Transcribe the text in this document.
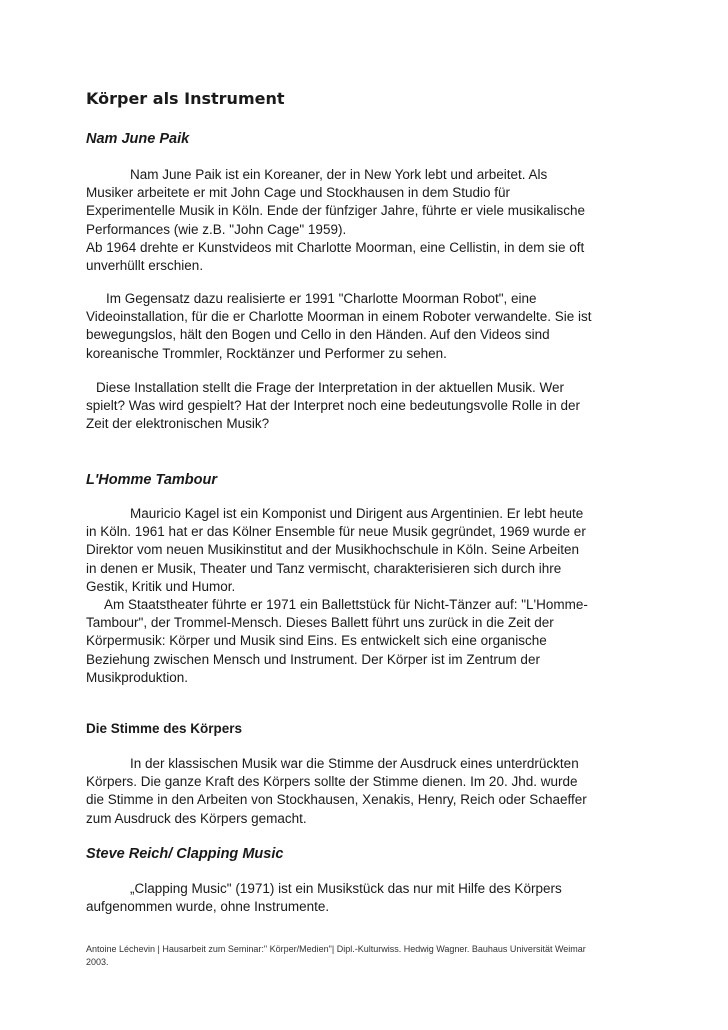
Körper als Instrument
Nam June Paik

Nam June Paik ist ein Koreaner, der in New York lebt und arbeitet. Als
Musiker arbeitete er mit John Cage und Stockhausen in dem Studio für
Experimentelle Musik in Köln. Ende der fünfziger Jahre, führte er viele musikalische
Performances (wie z.B. "John Cage" 1959).
Ab 1964 drehte er Kunstvideos mit Charlotte Moorman, eine Cellistin, in dem sie oft
unverhüllt erschien.

Im Gegensatz dazu realisierte er 1991 "Charlotte Moorman Robot", eine
Videoinstallation, für die er Charlotte Moorman in einem Roboter verwandelte. Sie ist
bewegungslos, hält den Bogen und Cello in den Händen. Auf den Videos sind
koreanische Trommler, Rocktänzer und Performer zu sehen.

Diese Installation stellt die Frage der Interpretation in der aktuellen Musik. Wer
spielt? Was wird gespielt? Hat der Interpret noch eine bedeutungsvolle Rolle in der
Zeit der elektronischen Musik?

L'Homme Tambour

Mauricio Kagel ist ein Komponist und Dirigent aus Argentinien. Er lebt heute
in Köln. 1961 hat er das Kölner Ensemble für neue Musik gegründet, 1969 wurde er
Direktor vom neuen Musikinstitut and der Musikhochschule in Köln. Seine Arbeiten
in denen er Musik, Theater und Tanz vermischt, charakterisieren sich durch ihre
Gestik, Kritik und Humor.
Am Staatstheater führte er 1971 ein Ballettstück für Nicht-Tänzer auf: "L'Homme-
Tambour", der Trommel-Mensch. Dieses Ballett führt uns zurück in die Zeit der
Körpermusik: Körper und Musik sind Eins. Es entwickelt sich eine organische
Beziehung zwischen Mensch und Instrument. Der Körper ist im Zentrum der
Musikproduktion.

Die Stimme des Körpers

In der klassischen Musik war die Stimme der Ausdruck eines unterdrückten
Körpers. Die ganze Kraft des Körpers sollte der Stimme dienen. Im 20. Jhd. wurde
die Stimme in den Arbeiten von Stockhausen, Xenakis, Henry, Reich oder Schaeffer
zum Ausdruck des Körpers gemacht.

Steve Reich/ Clapping Music

„Clapping Music" (1971) ist ein Musikstück das nur mit Hilfe des Körpers
aufgenommen wurde, ohne Instrumente.

Antoine Léchevin | Hausarbeit zum Seminar:" Körper/Medien"| Dipl.-Kulturwiss. Hedwig Wagner. Bauhaus Universität Weimar
2003.
